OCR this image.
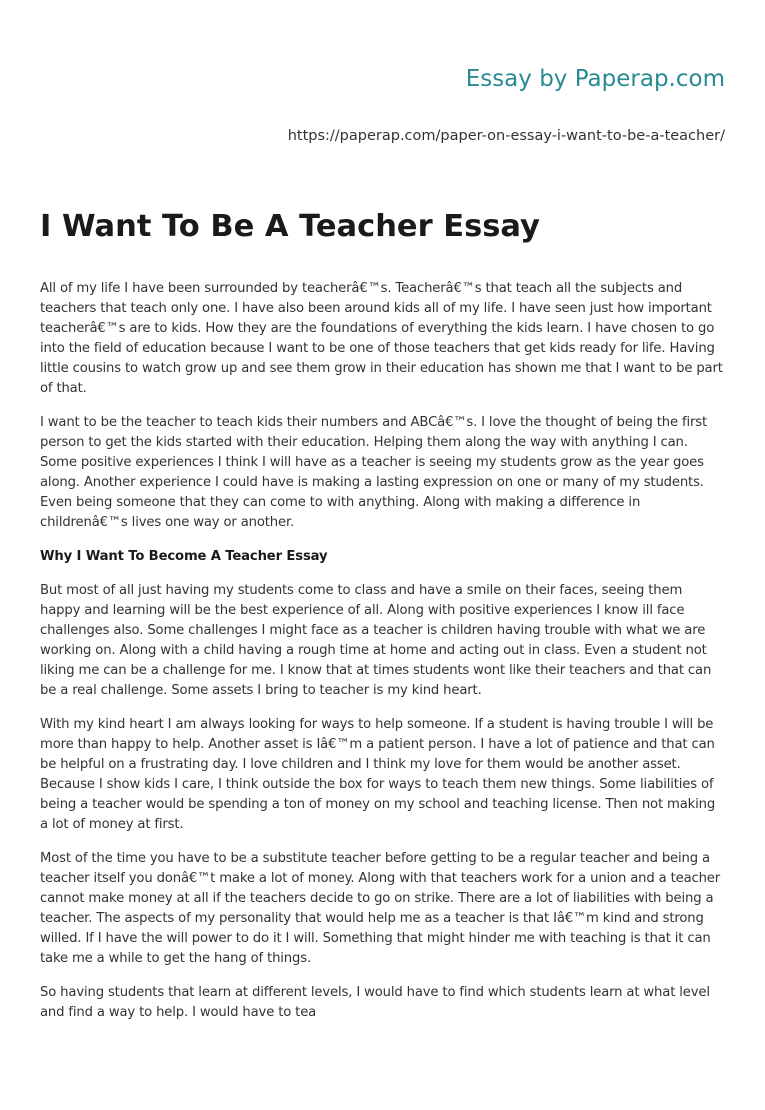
Essay by Paperap.com
https://paperap.com/paper-on-essay-i-want-to-be-a-teacher/
I Want To Be A Teacher Essay

All of my life I have been surrounded by teacherâ€™s. Teacherâ€™s that teach all the subjects and teachers that teach only one. I have also been around kids all of my life. I have seen just how important teacherâ€™s are to kids. How they are the foundations of everything the kids learn. I have chosen to go into the field of education because I want to be one of those teachers that get kids ready for life. Having little cousins to watch grow up and see them grow in their education has shown me that I want to be part of that.

I want to be the teacher to teach kids their numbers and ABCâ€™s. I love the thought of being the first person to get the kids started with their education. Helping them along the way with anything I can. Some positive experiences I think I will have as a teacher is seeing my students grow as the year goes along. Another experience I could have is making a lasting expression on one or many of my students. Even being someone that they can come to with anything. Along with making a difference in childrenâ€™s lives one way or another.

Why I Want To Become A Teacher Essay

But most of all just having my students come to class and have a smile on their faces, seeing them happy and learning will be the best experience of all. Along with positive experiences I know ill face challenges also. Some challenges I might face as a teacher is children having trouble with what we are working on. Along with a child having a rough time at home and acting out in class. Even a student not liking me can be a challenge for me. I know that at times students wont like their teachers and that can be a real challenge. Some assets I bring to teacher is my kind heart.

With my kind heart I am always looking for ways to help someone. If a student is having trouble I will be more than happy to help. Another asset is Iâ€™m a patient person. I have a lot of patience and that can be helpful on a frustrating day. I love children and I think my love for them would be another asset. Because I show kids I care, I think outside the box for ways to teach them new things. Some liabilities of being a teacher would be spending a ton of money on my school and teaching license. Then not making a lot of money at first.

Most of the time you have to be a substitute teacher before getting to be a regular teacher and being a teacher itself you donâ€™t make a lot of money. Along with that teachers work for a union and a teacher cannot make money at all if the teachers decide to go on strike. There are a lot of liabilities with being a teacher. The aspects of my personality that would help me as a teacher is that Iâ€™m kind and strong willed. If I have the will power to do it I will. Something that might hinder me with teaching is that it can take me a while to get the hang of things.

So having students that learn at different levels, I would have to find which students learn at what level and find a way to help. I would have to tea
